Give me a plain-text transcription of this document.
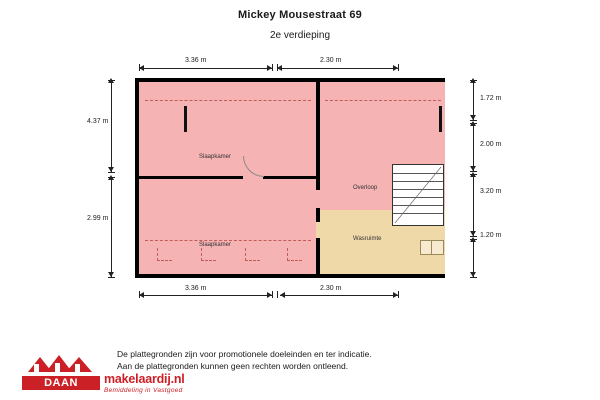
Mickey Mousestraat 69
2e verdieping
3.36 m	2.30 m
4.37 m
2.99 m
Slaapkamer
Slaapkamer
Overloop
Wasruimte
1.72 m
2.00 m
3.20 m
1.20 m
3.36 m	2.30 m
De plattegronden zijn voor promotionele doeleinden en ter indicatie.
Aan de plattegronden kunnen geen rechten worden ontleend.
DAAN	makelaardij.nl
Bemiddeling in Vastgoed
